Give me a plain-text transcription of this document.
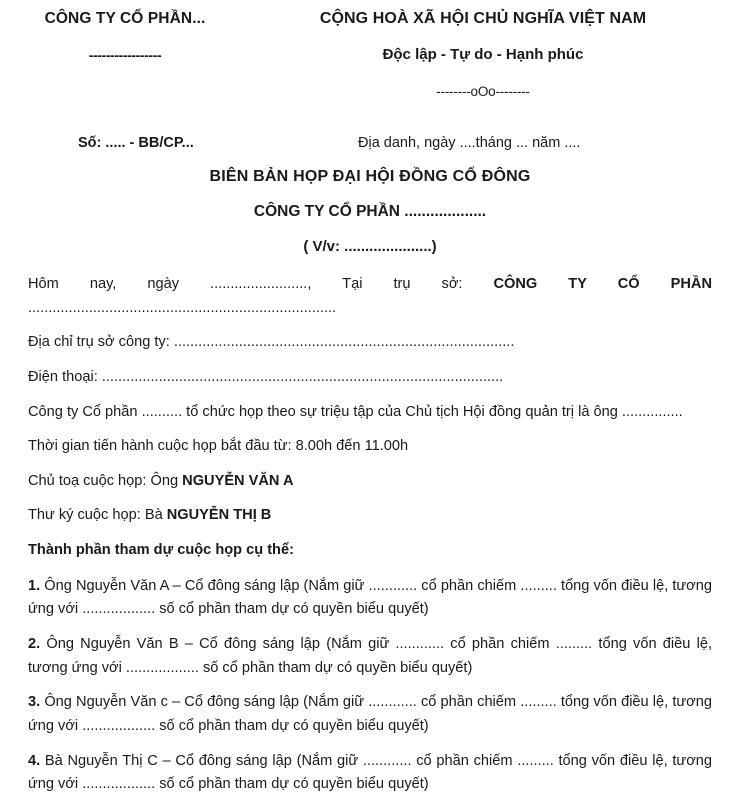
CÔNG TY CỔ PHẦN...
-----------------
CỘNG HOÀ XÃ HỘI CHỦ NGHĨA VIỆT NAM
Độc lập - Tự do - Hạnh phúc
--------oOo--------
Số: ..... - BB/CP...	Địa danh, ngày ....tháng ... năm ....
BIÊN BẢN HỌP ĐẠI HỘI ĐỒNG CỔ ĐÔNG
CÔNG TY CỔ PHẦN ...................
( V/v: .....................)

Hôm nay, ngày ........................, Tại trụ sở: CÔNG TY CỔ PHẦN ............................................................................

Địa chỉ trụ sở công ty: ....................................................................................

Điện thoại: ...................................................................................................

Công ty Cổ phần .......... tổ chức họp theo sự triệu tập của Chủ tịch Hội đồng quản trị là ông ...............

Thời gian tiến hành cuộc họp bắt đầu từ: 8.00h đến 11.00h

Chủ toạ cuộc họp: Ông NGUYỄN VĂN A

Thư ký cuộc họp: Bà NGUYỄN THỊ B

Thành phần tham dự cuộc họp cụ thể:

1. Ông Nguyễn Văn A – Cổ đông sáng lập (Nắm giữ ............ cổ phần chiếm ......... tổng vốn điều lệ, tương ứng với .................. số cổ phần tham dự có quyền biểu quyết)

2. Ông Nguyễn Văn B – Cổ đông sáng lập (Nắm giữ ............ cổ phần chiếm ......... tổng vốn điều lệ, tương ứng với .................. số cổ phần tham dự có quyền biểu quyết)

3. Ông Nguyễn Văn c – Cổ đông sáng lập (Nắm giữ ............ cổ phần chiếm ......... tổng vốn điều lệ, tương ứng với .................. số cổ phần tham dự có quyền biểu quyết)

4. Bà Nguyễn Thị C – Cổ đông sáng lập (Nắm giữ ............ cổ phần chiếm ......... tổng vốn điều lệ, tương ứng với .................. số cổ phần tham dự có quyền biểu quyết)
